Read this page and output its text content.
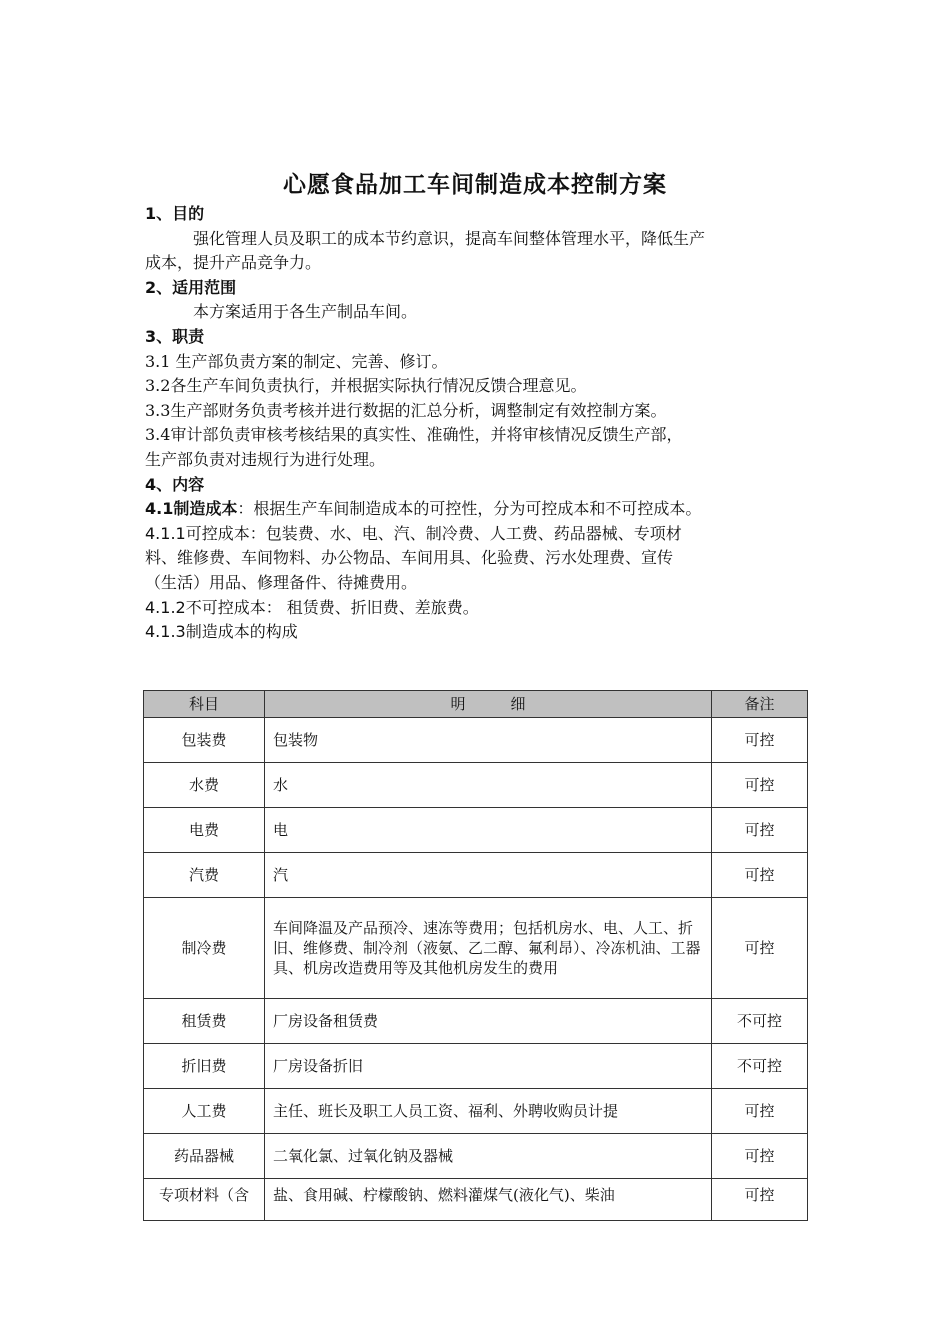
心愿食品加工车间制造成本控制方案

1、目的

强化管理人员及职工的成本节约意识，提高车间整体管理水平，降低生产

成本，提升产品竞争力。

2、适用范围

本方案适用于各生产制品车间。

3、职责

3.1 生产部负责方案的制定、完善、修订。

3.2各生产车间负责执行，并根据实际执行情况反馈合理意见。

3.3生产部财务负责考核并进行数据的汇总分析，调整制定有效控制方案。

3.4审计部负责审核考核结果的真实性、准确性，并将审核情况反馈生产部，

生产部负责对违规行为进行处理。

4、内容

4.1制造成本：根据生产车间制造成本的可控性，分为可控成本和不可控成本。

4.1.1可控成本：包装费、水、电、汽、制冷费、人工费、药品器械、专项材

料、维修费、车间物料、办公物品、车间用具、化验费、污水处理费、宣传

（生活）用品、修理备件、待摊费用。

4.1.2不可控成本： 租赁费、折旧费、差旅费。

4.1.3制造成本的构成

科目	明　　　细	备注
包装费	包装物	可控
水费	水	可控
电费	电	可控
汽费	汽	可控
制冷费	车间降温及产品预冷、速冻等费用；包括机房水、电、人工、折旧、维修费、制冷剂（液氨、乙二醇、氟利昂）、冷冻机油、工器具、机房改造费用等及其他机房发生的费用	可控
租赁费	厂房设备租赁费	不可控
折旧费	厂房设备折旧	不可控
人工费	主任、班长及职工人员工资、福利、外聘收购员计提	可控
药品器械	二氧化氯、过氧化钠及器械	可控
专项材料（含	盐、食用碱、柠檬酸钠、燃料灌煤气(液化气)、柴油	可控
